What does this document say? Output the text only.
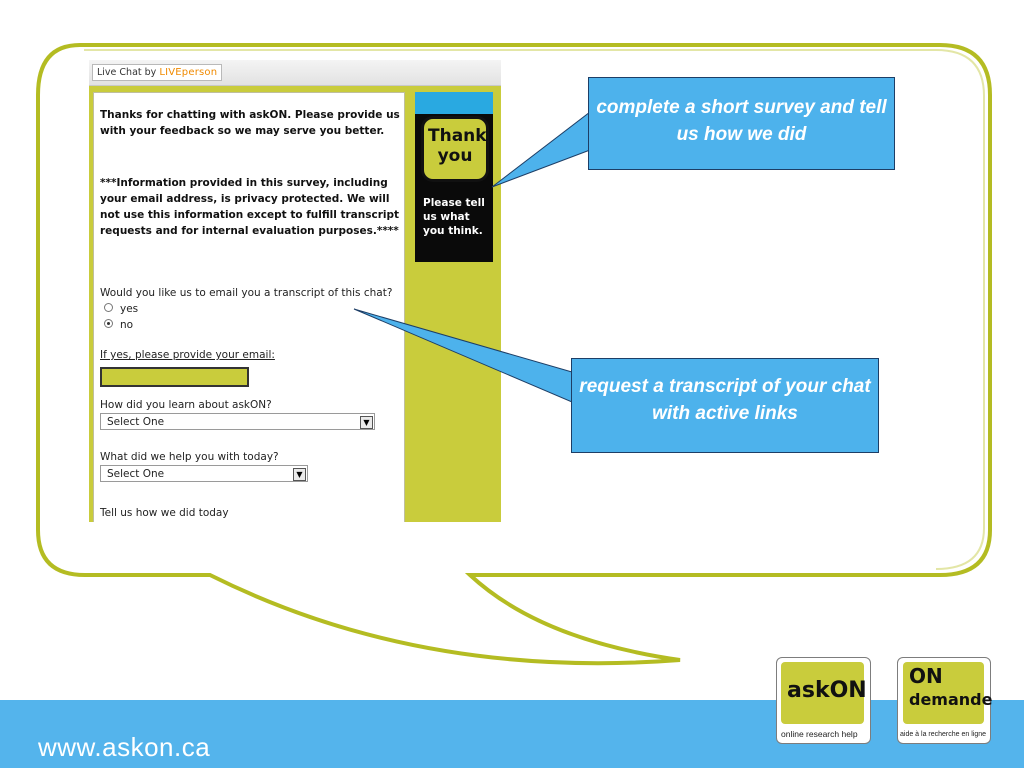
Live Chat by LIVEperson
Thanks for chatting with askON. Please provide us with your feedback so we may serve you better.
***Information provided in this survey, including your email address, is privacy protected. We will not use this information except to fulfill transcript requests and for internal evaluation purposes.****
Would you like us to email you a transcript of this chat?
yes
no
If yes, please provide your email:
How did you learn about askON?
Select One	▼
What did we help you with today?
Select One	▼
Tell us how we did today
Thank you
Please tell us what you think.
complete a short survey and tell us how we did
request a transcript of your chat with active links
www.askon.ca
askON
online research help
ON
demande
aide à la recherche en ligne
